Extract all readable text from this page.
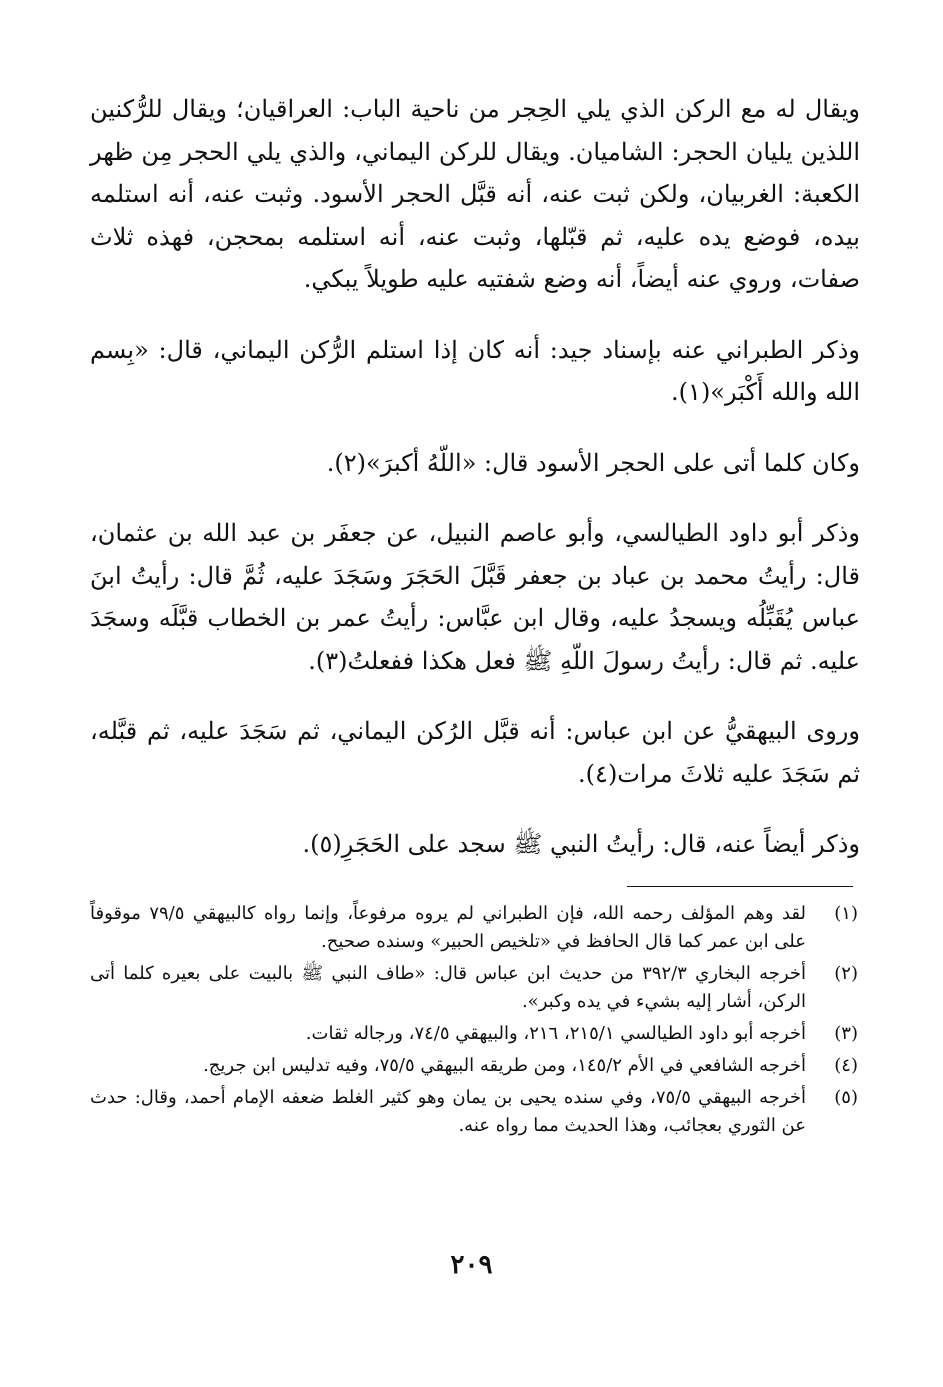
ويقال له مع الركن الذي يلي الحِجر من ناحية الباب: العراقيان؛ ويقال للرُّكنين اللذين يليان الحجر: الشاميان. ويقال للركن اليماني، والذي يلي الحجر مِن ظهر الكعبة: الغربيان، ولكن ثبت عنه، أنه قبَّل الحجر الأسود. وثبت عنه، أنه استلمه بيده، فوضع يده عليه، ثم قبّلها، وثبت عنه، أنه استلمه بمحجن، فهذه ثلاث صفات، وروي عنه أيضاً، أنه وضع شفتيه عليه طويلاً يبكي.

وذكر الطبراني عنه بإسناد جيد: أنه كان إذا استلم الرُّكن اليماني، قال: «بِسم الله والله أَكْبَر»(١).

وكان كلما أتى على الحجر الأسود قال: «اللّهُ أكبرَ»(٢).

وذكر أبو داود الطيالسي، وأبو عاصم النبيل، عن جعفَر بن عبد الله بن عثمان، قال: رأيتُ محمد بن عباد بن جعفر قَبَّلَ الحَجَرَ وسَجَدَ عليه، ثُمَّ قال: رأيتُ ابنَ عباس يُقَبِّلُه ويسجدُ عليه، وقال ابن عبَّاس: رأيتُ عمر بن الخطاب قبَّلَه وسجَدَ عليه. ثم قال: رأيتُ رسولَ اللّهِ ﷺ فعل هكذا ففعلتُ(٣).

وروى البيهقيُّ عن ابن عباس: أنه قبَّل الرُكن اليماني، ثم سَجَدَ عليه، ثم قبَّله، ثم سَجَدَ عليه ثلاثَ مرات(٤).

وذكر أيضاً عنه، قال: رأيتُ النبي ﷺ سجد على الحَجَرِ(٥).

(١)
لقد وهم المؤلف رحمه الله، فإن الطبراني لم يروه مرفوعاً، وإنما رواه كالبيهقي ٧٩/٥ موقوفاً على ابن عمر كما قال الحافظ في «تلخيص الحبير» وسنده صحيح.
(٢)
أخرجه البخاري ٣٩٢/٣ من حديث ابن عباس قال: «طاف النبي ﷺ بالبيت على بعيره كلما أتى الركن، أشار إليه بشيء في يده وكبر».
(٣)
أخرجه أبو داود الطيالسي ٢١٥/١، ٢١٦، والبيهقي ٧٤/٥، ورجاله ثقات.
(٤)
أخرجه الشافعي في الأم ١٤٥/٢، ومن طريقه البيهقي ٧٥/٥، وفيه تدليس ابن جريج.
(٥)
أخرجه البيهقي ٧٥/٥، وفي سنده يحيى بن يمان وهو كثير الغلط ضعفه الإمام أحمد، وقال: حدث عن الثوري بعجائب، وهذا الحديث مما رواه عنه.
٢٠٩
